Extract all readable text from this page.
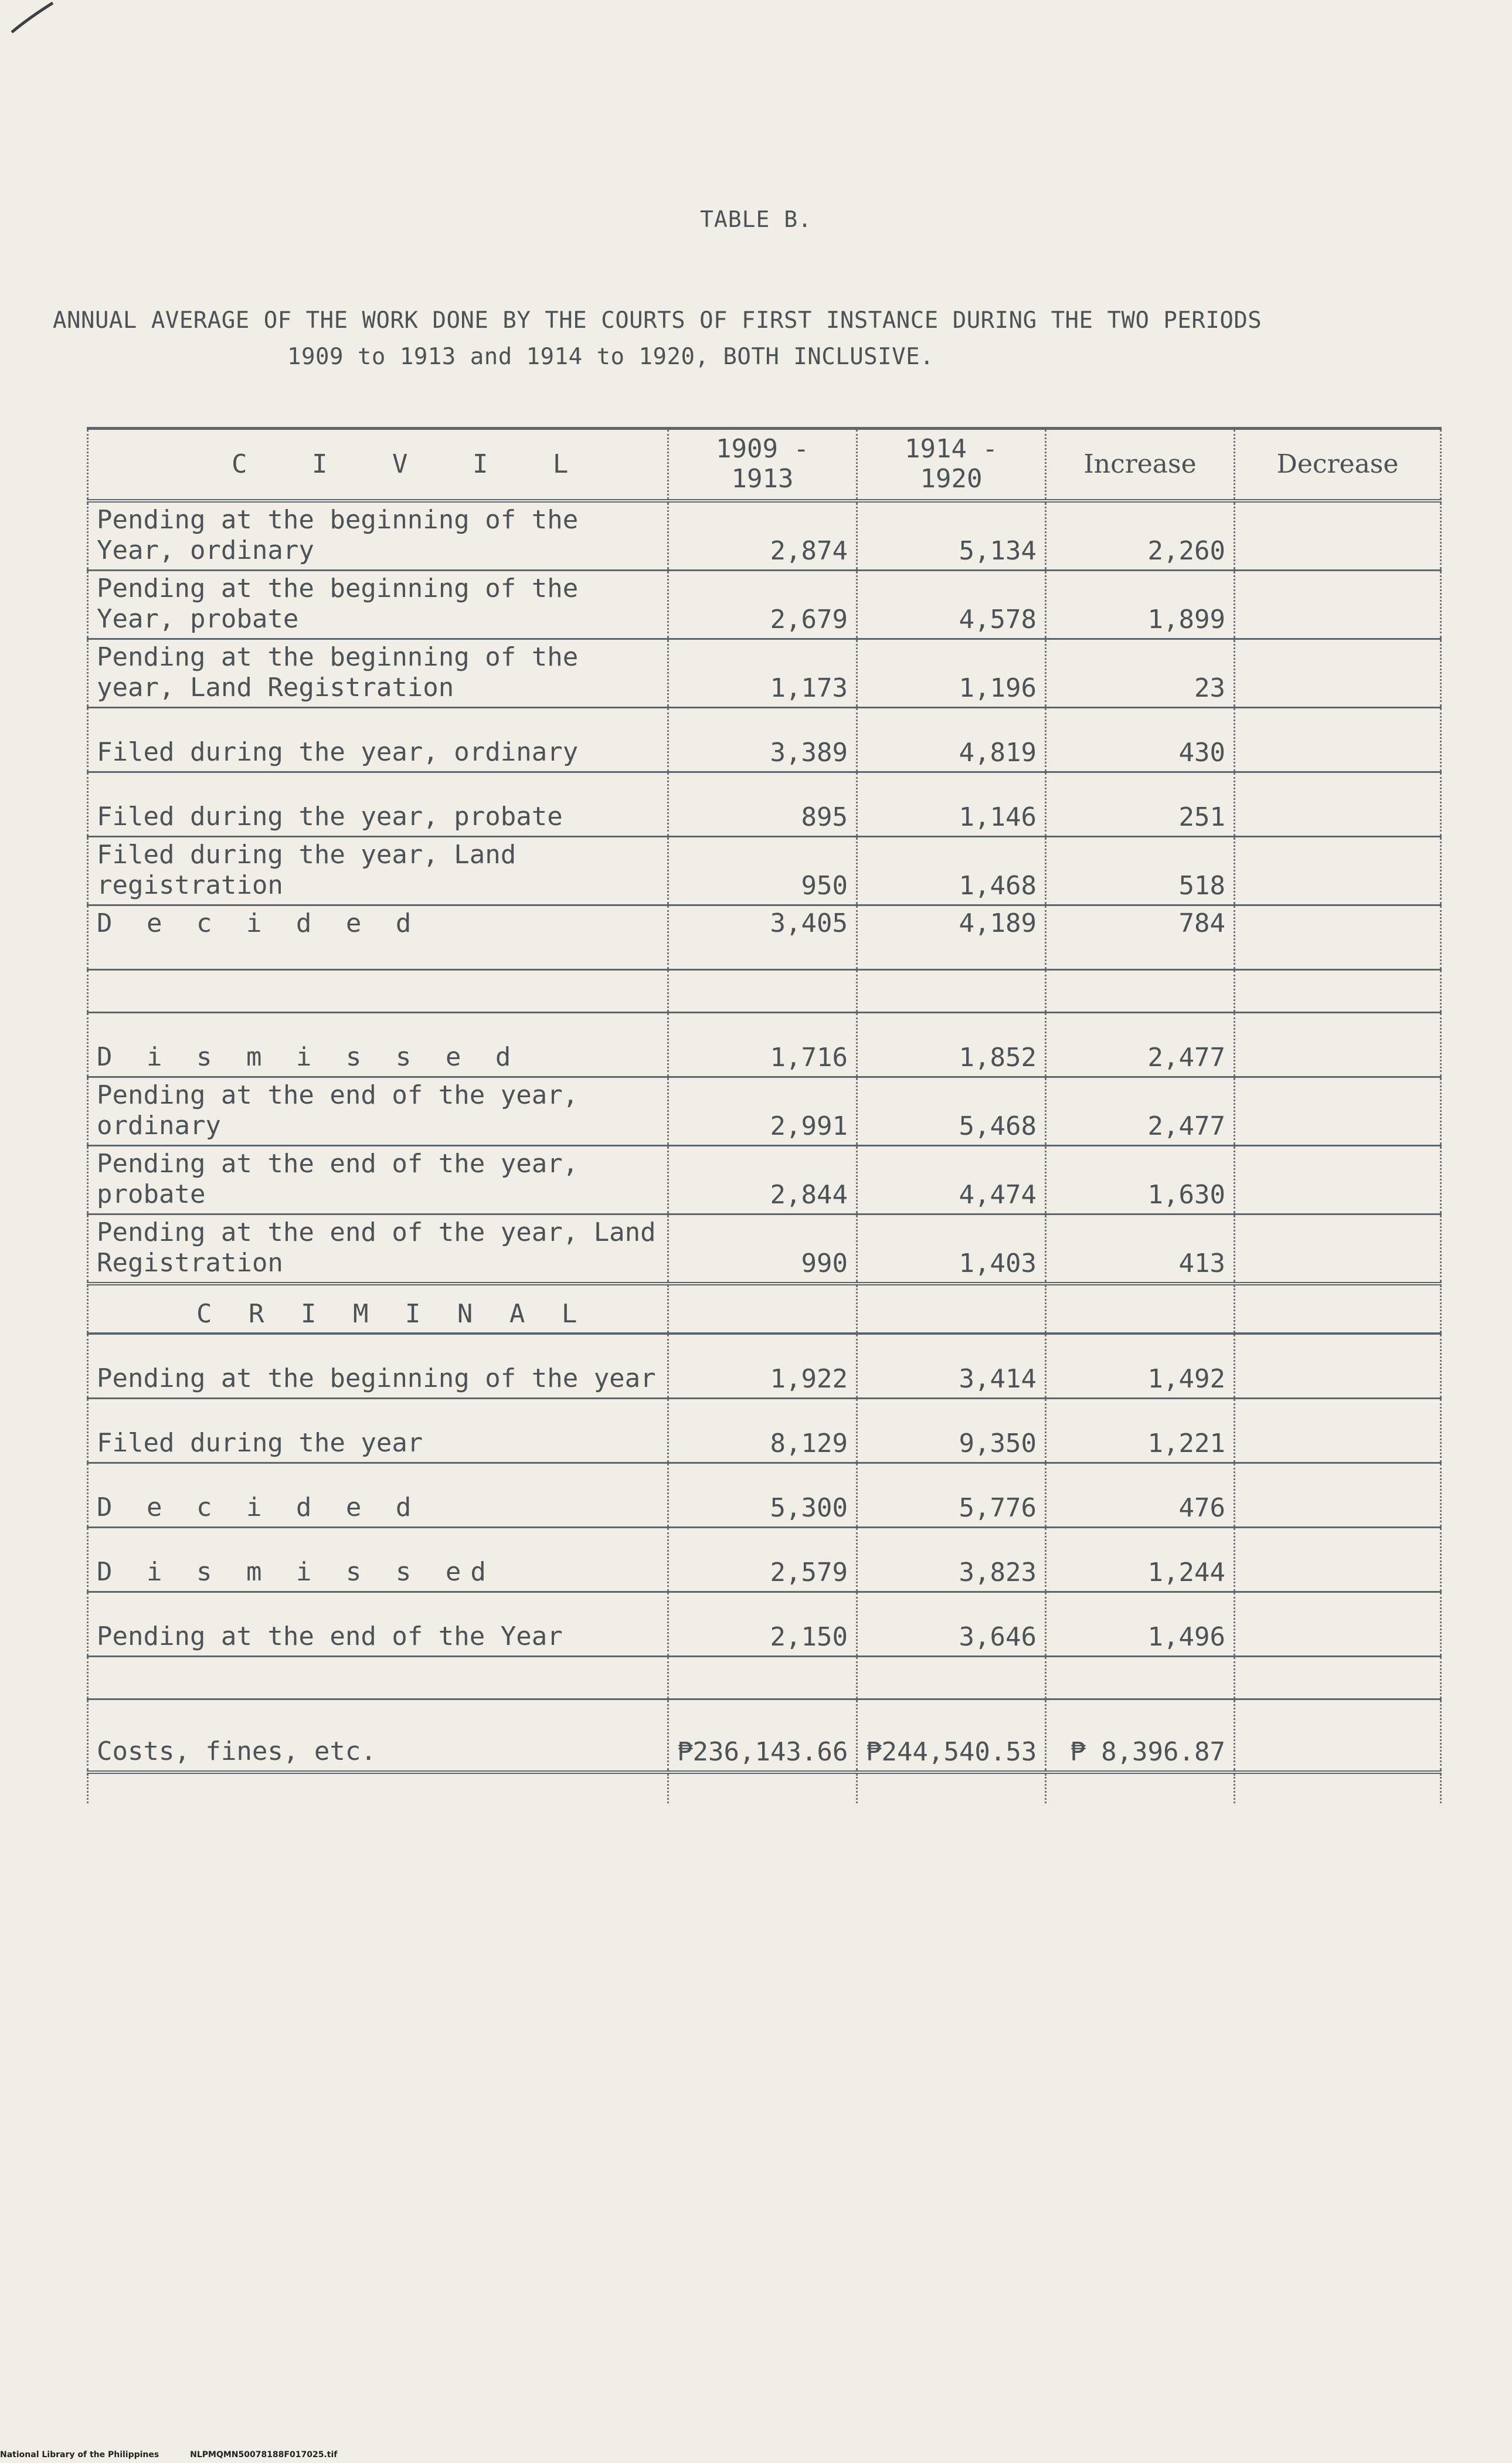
TABLE B.
ANNUAL AVERAGE OF THE WORK DONE BY THE COURTS OF FIRST INSTANCE DURING THE TWO PERIODS
1909 to 1913 and 1914 to 1920, BOTH INCLUSIVE.
C I V I L	1909 - 1913	1914 - 1920	Increase	Decrease
Pending at the beginning of the Year, ordinary	2,874	5,134	2,260	
Pending at the beginning of the Year, probate	2,679	4,578	1,899	
Pending at the beginning of the year, Land Registration	1,173	1,196	23	
Filed during the year, ordinary	3,389	4,819	430	
Filed during the year, probate	895	1,146	251	
Filed during the year, Land registration	950	1,468	518	
D e c i d e d	3,405	4,189	784	

D i s m i s s e d	1,716	1,852	2,477	
Pending at the end of the year, ordinary	2,991	5,468	2,477	
Pending at the end of the year, probate	2,844	4,474	1,630	
Pending at the end of the year, Land Registration	990	1,403	413	
C R I M I N A L				
Pending at the beginning of the year	1,922	3,414	1,492	
Filed during the year	8,129	9,350	1,221	
D e c i d e d	5,300	5,776	476	
D i s m i s s ed	2,579	3,823	1,244	
Pending at the end of the Year	2,150	3,646	1,496	

Costs, fines, etc.	₱236,143.66	₱244,540.53	₱ 8,396.87	

National Library of the Philippines	NLPMQMN50078188F017025.tif
